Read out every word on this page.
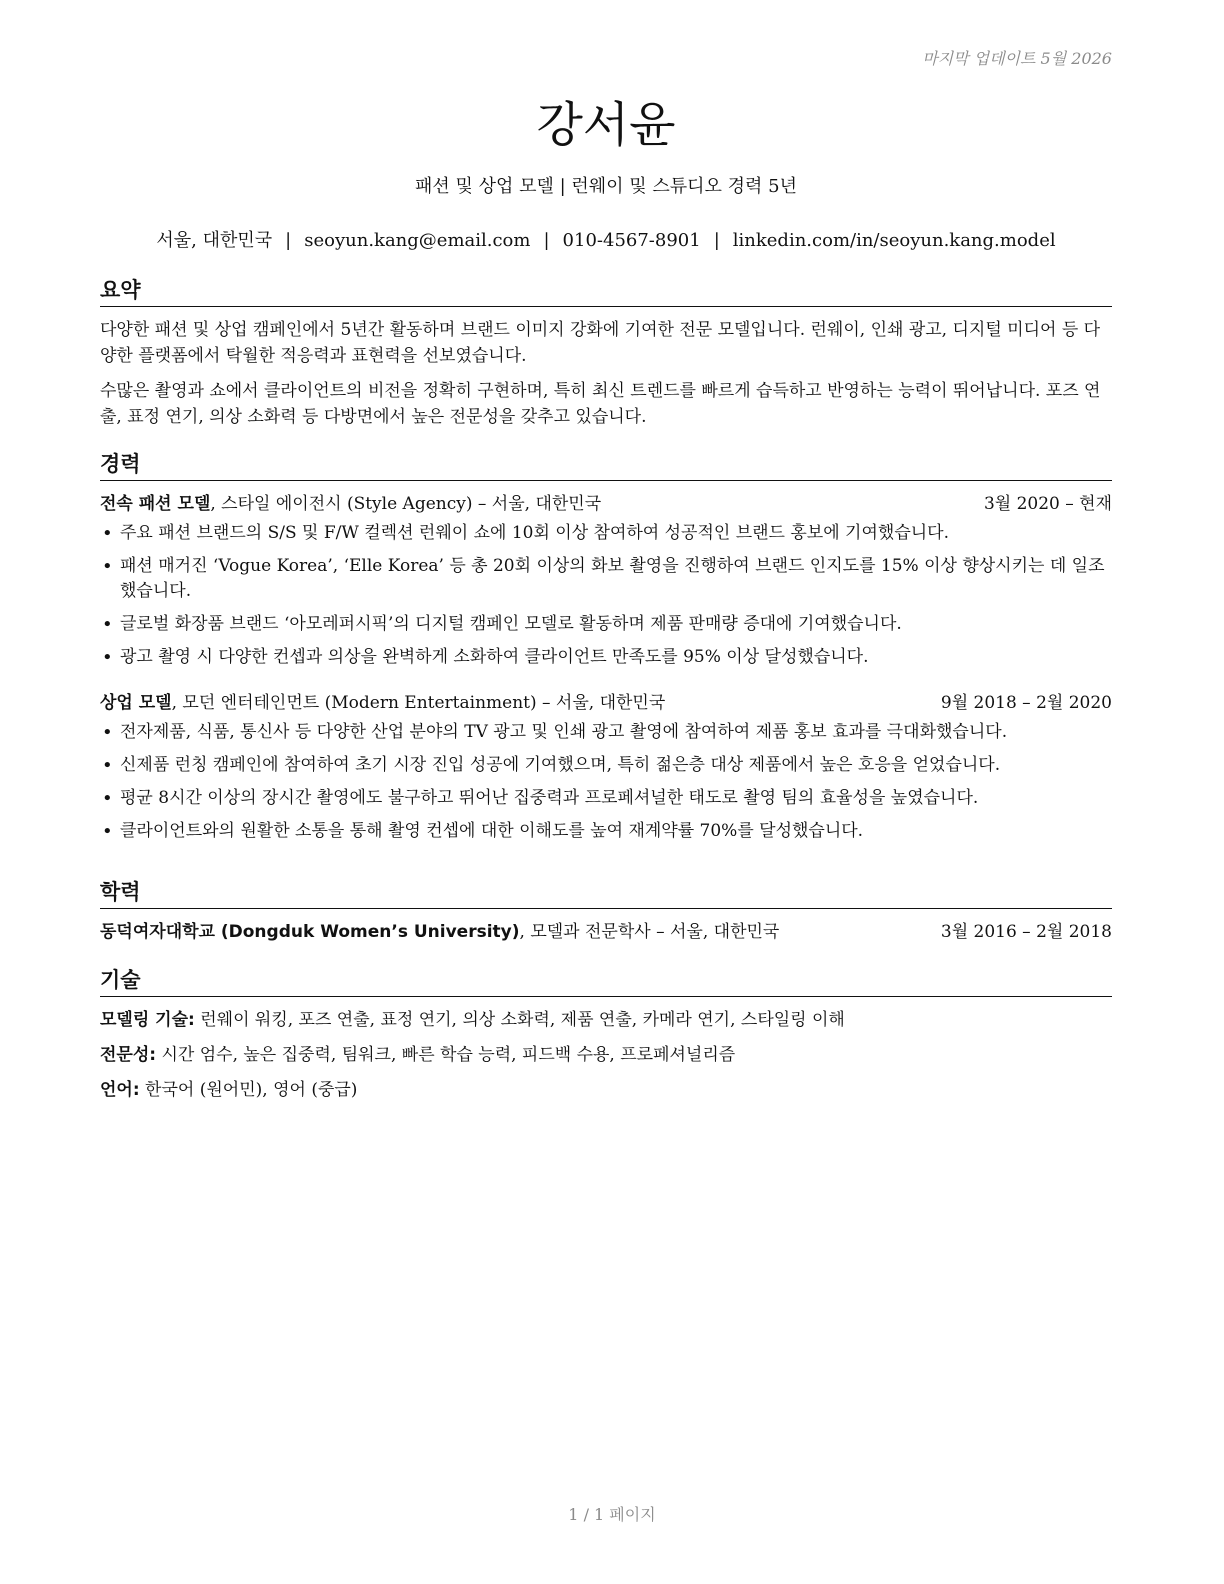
마지막 업데이트 5월 2026
강서윤
패션 및 상업 모델 | 런웨이 및 스튜디오 경력 5년
서울, 대한민국 | seoyun.kang@email.com | 010-4567-8901 | linkedin.com/in/seoyun.kang.model
요약

다양한 패션 및 상업 캠페인에서 5년간 활동하며 브랜드 이미지 강화에 기여한 전문 모델입니다. 런웨이, 인쇄 광고, 디지털 미디어 등 다양한 플랫폼에서 탁월한 적응력과 표현력을 선보였습니다.

수많은 촬영과 쇼에서 클라이언트의 비전을 정확히 구현하며, 특히 최신 트렌드를 빠르게 습득하고 반영하는 능력이 뛰어납니다. 포즈 연출, 표정 연기, 의상 소화력 등 다방면에서 높은 전문성을 갖추고 있습니다.

경력
전속 패션 모델, 스타일 에이전시 (Style Agency) – 서울, 대한민국	3월 2020 – 현재
• 주요 패션 브랜드의 S/S 및 F/W 컬렉션 런웨이 쇼에 10회 이상 참여하여 성공적인 브랜드 홍보에 기여했습니다.
• 패션 매거진 ‘Vogue Korea’, ‘Elle Korea’ 등 총 20회 이상의 화보 촬영을 진행하여 브랜드 인지도를 15% 이상 향상시키는 데 일조했습니다.
• 글로벌 화장품 브랜드 ‘아모레퍼시픽’의 디지털 캠페인 모델로 활동하며 제품 판매량 증대에 기여했습니다.
• 광고 촬영 시 다양한 컨셉과 의상을 완벽하게 소화하여 클라이언트 만족도를 95% 이상 달성했습니다.
상업 모델, 모던 엔터테인먼트 (Modern Entertainment) – 서울, 대한민국	9월 2018 – 2월 2020
• 전자제품, 식품, 통신사 등 다양한 산업 분야의 TV 광고 및 인쇄 광고 촬영에 참여하여 제품 홍보 효과를 극대화했습니다.
• 신제품 런칭 캠페인에 참여하여 초기 시장 진입 성공에 기여했으며, 특히 젊은층 대상 제품에서 높은 호응을 얻었습니다.
• 평균 8시간 이상의 장시간 촬영에도 불구하고 뛰어난 집중력과 프로페셔널한 태도로 촬영 팀의 효율성을 높였습니다.
• 클라이언트와의 원활한 소통을 통해 촬영 컨셉에 대한 이해도를 높여 재계약률 70%를 달성했습니다.
학력
동덕여자대학교 (Dongduk Women’s University), 모델과 전문학사 – 서울, 대한민국	3월 2016 – 2월 2018
기술
모델링 기술: 런웨이 워킹, 포즈 연출, 표정 연기, 의상 소화력, 제품 연출, 카메라 연기, 스타일링 이해
전문성: 시간 엄수, 높은 집중력, 팀워크, 빠른 학습 능력, 피드백 수용, 프로페셔널리즘
언어: 한국어 (원어민), 영어 (중급)
1 / 1 페이지
